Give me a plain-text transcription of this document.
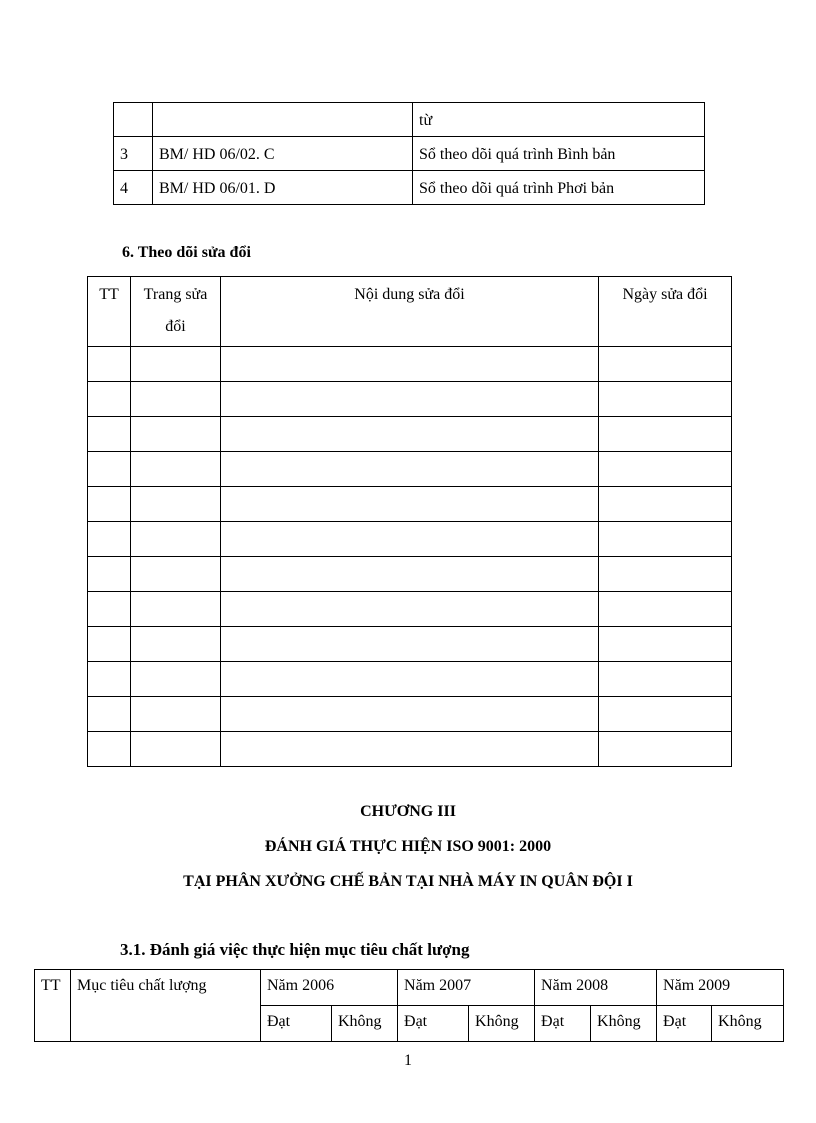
		từ
3	BM/ HD 06/02. C	Sổ theo dõi quá trình Bình bản
4	BM/ HD 06/01. D	Sổ theo dõi quá trình Phơi bản
6. Theo dõi sửa đổi
TT	Trang sửa đổi	Nội dung sửa đổi	Ngày sửa đổi

CHƯƠNG III
ĐÁNH GIÁ THỰC HIỆN ISO 9001: 2000
TẠI PHÂN XƯỞNG CHẾ BẢN TẠI NHÀ MÁY IN QUÂN ĐỘI I
3.1. Đánh giá việc thực hiện mục tiêu chất lượng
TT	Mục tiêu chất lượng	Năm 2006		Năm 2007		Năm 2008		Năm 2009	
		Đạt	Không	Đạt	Không	Đạt	Không	Đạt	Không
1
